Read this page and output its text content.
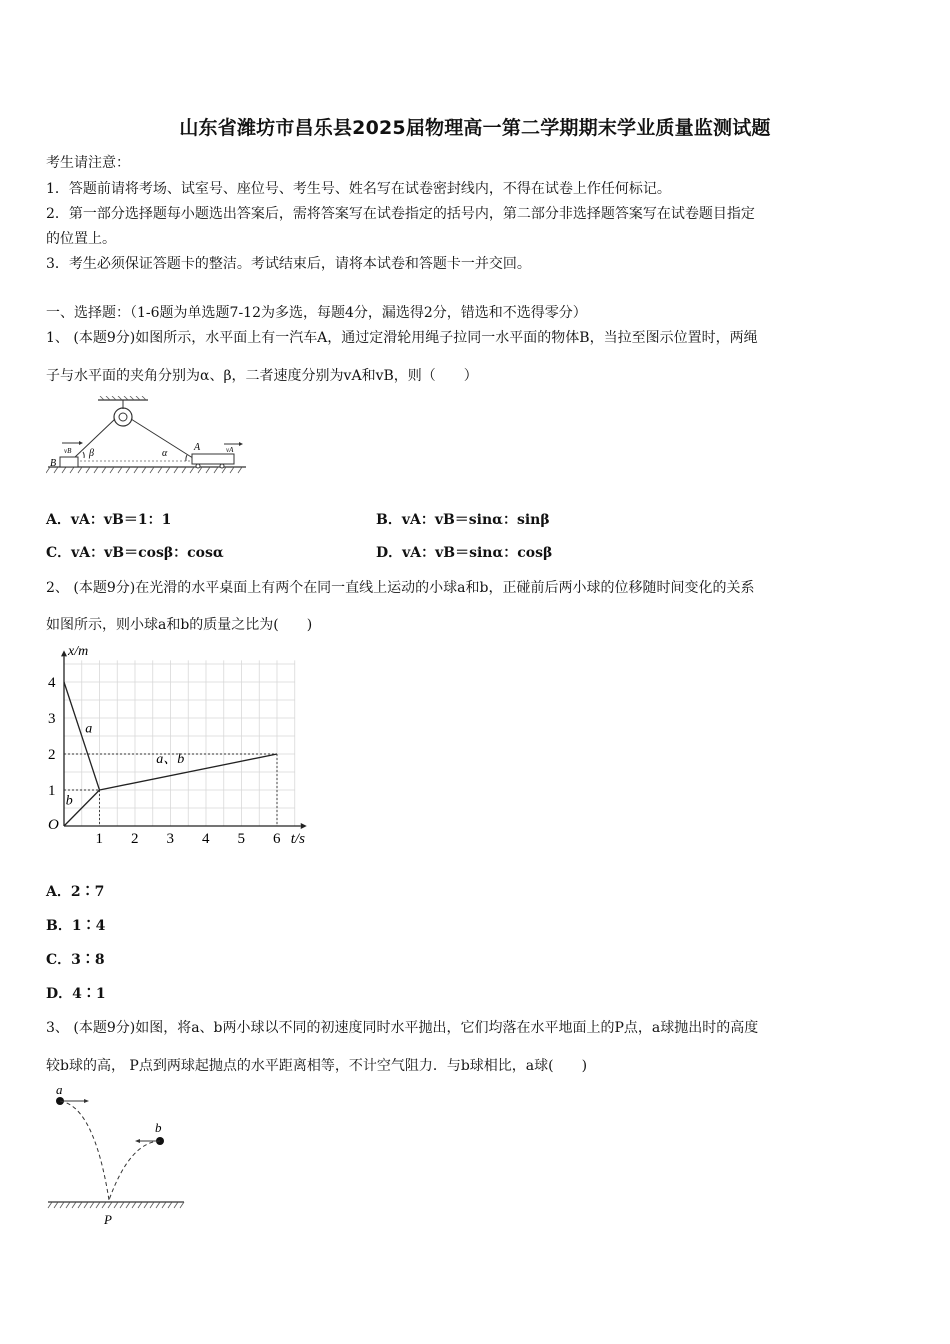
山东省潍坊市昌乐县2025届物理高一第二学期期末学业质量监测试题
考生请注意：
1．答题前请将考场、试室号、座位号、考生号、姓名写在试卷密封线内，不得在试卷上作任何标记。
2．第一部分选择题每小题选出答案后，需将答案写在试卷指定的括号内，第二部分非选择题答案写在试卷题目指定
的位置上。
3．考生必须保证答题卡的整洁。考试结束后，请将本试卷和答题卡一并交回。
一、选择题：（1-6题为单选题7-12为多选，每题4分，漏选得2分，错选和不选得零分）
1、 (本题9分)如图所示，水平面上有一汽车A，通过定滑轮用绳子拉同一水平面的物体B，当拉至图示位置时，两绳
子与水平面的夹角分别为α、β，二者速度分别为vA和vB，则（　　）
B
vB β	α
A	vA
A．vA：vB＝1：1	B．vA：vB＝sinα：sinβ
C．vA：vB＝cosβ：cosα	D．vA：vB＝sinα：cosβ
2、 (本题9分)在光滑的水平桌面上有两个在同一直线上运动的小球a和b，正碰前后两小球的位移随时间变化的关系
如图所示，则小球a和b的质量之比为(　　)
1 2 3 4 5 6
1
2
3
4
O
x/m
t/s
a
b
a、b
A．2∶7
B．1∶4
C．3∶8
D．4∶1
3、 (本题9分)如图，将a、b两小球以不同的初速度同时水平抛出，它们均落在水平地面上的P点，a球抛出时的高度
较b球的高， P点到两球起抛点的水平距离相等，不计空气阻力．与b球相比，a球(　　)
a
b
P
